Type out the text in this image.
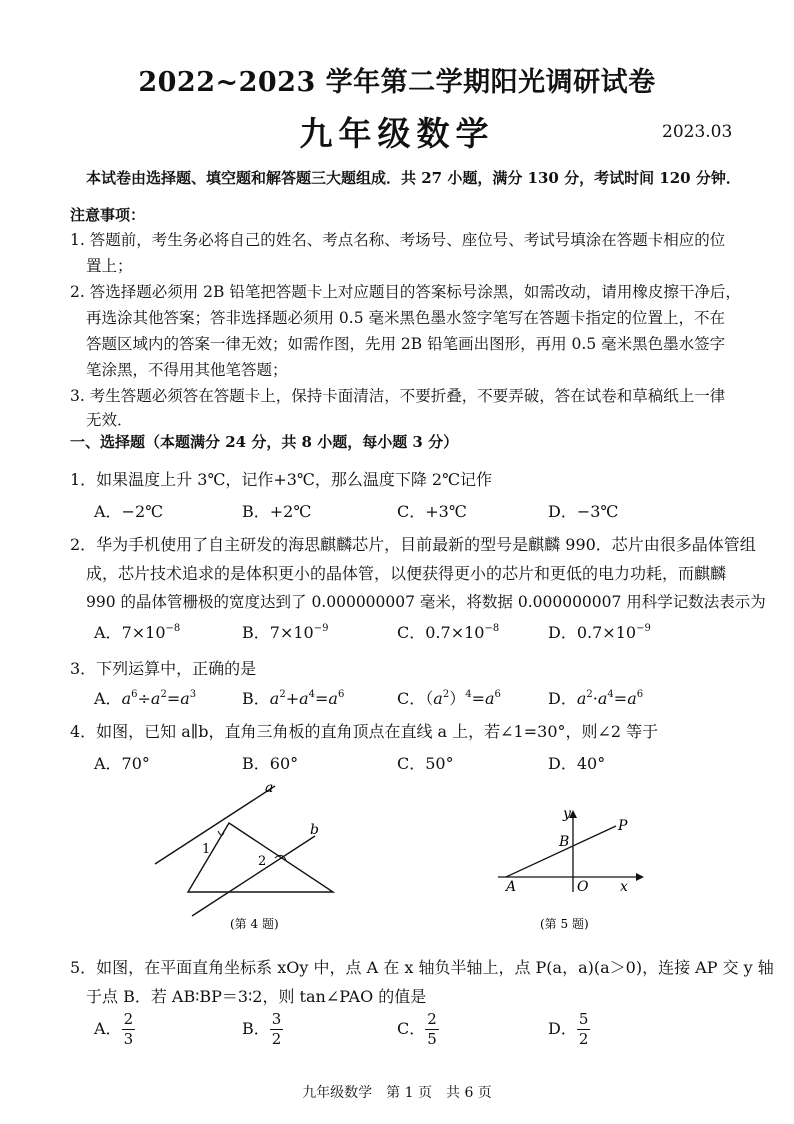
2022~2023 学年第二学期阳光调研试卷
九年级数学	2023.03
本试卷由选择题、填空题和解答题三大题组成．共 27 小题，满分 130 分，考试时间 120 分钟．
注意事项：
1. 答题前，考生务必将自己的姓名、考点名称、考场号、座位号、考试号填涂在答题卡相应的位
置上；
2. 答选择题必须用 2B 铅笔把答题卡上对应题目的答案标号涂黑，如需改动，请用橡皮擦干净后，
再选涂其他答案；答非选择题必须用 0.5 毫米黑色墨水签字笔写在答题卡指定的位置上，不在
答题区域内的答案一律无效；如需作图，先用 2B 铅笔画出图形，再用 0.5 毫米黑色墨水签字
笔涂黑，不得用其他笔答题；
3. 考生答题必须答在答题卡上，保持卡面清洁，不要折叠，不要弄破，答在试卷和草稿纸上一律
无效．
一、选择题（本题满分 24 分，共 8 小题，每小题 3 分）
1．如果温度上升 3℃，记作+3℃，那么温度下降 2℃记作
A．−2℃	B．+2℃	C．+3℃	D．−3℃
2．华为手机使用了自主研发的海思麒麟芯片，目前最新的型号是麒麟 990．芯片由很多晶体管组
成，芯片技术追求的是体积更小的晶体管，以便获得更小的芯片和更低的电力功耗，而麒麟
990 的晶体管栅极的宽度达到了 0.000000007 毫米，将数据 0.000000007 用科学记数法表示为
A．$7\times 10^{-8}$	B．$7\times 10^{-9}$	C．$0.7\times 10^{-8}$	D．$0.7\times 10^{-9}$
3．下列运算中，正确的是
A．$a^6\div a^2=a^3$	B．$a^2+a^4=a^6$	C．$(a^2)^4=a^6$	D．$a^2\cdot a^4=a^6$
4．如图，已知 a∥b，直角三角板的直角顶点在直线 a 上，若∠1=30°，则∠2 等于
A．70°	B．60°	C．50°	D．40°
a
b
1
2
(第 4 题)
y
P
B
A	O x
(第 5 题)
5．如图，在平面直角坐标系 xOy 中，点 A 在 x 轴负半轴上，点 P(a，a)(a＞0)，连接 AP 交 y 轴
于点 B．若 AB∶BP＝3∶2，则 tan∠PAO 的值是
A． $\frac{2}{3}$	B． $\frac{3}{2}$	C． $\frac{2}{5}$	D． $\frac{5}{2}$
九年级数学　第 1 页　共 6 页
